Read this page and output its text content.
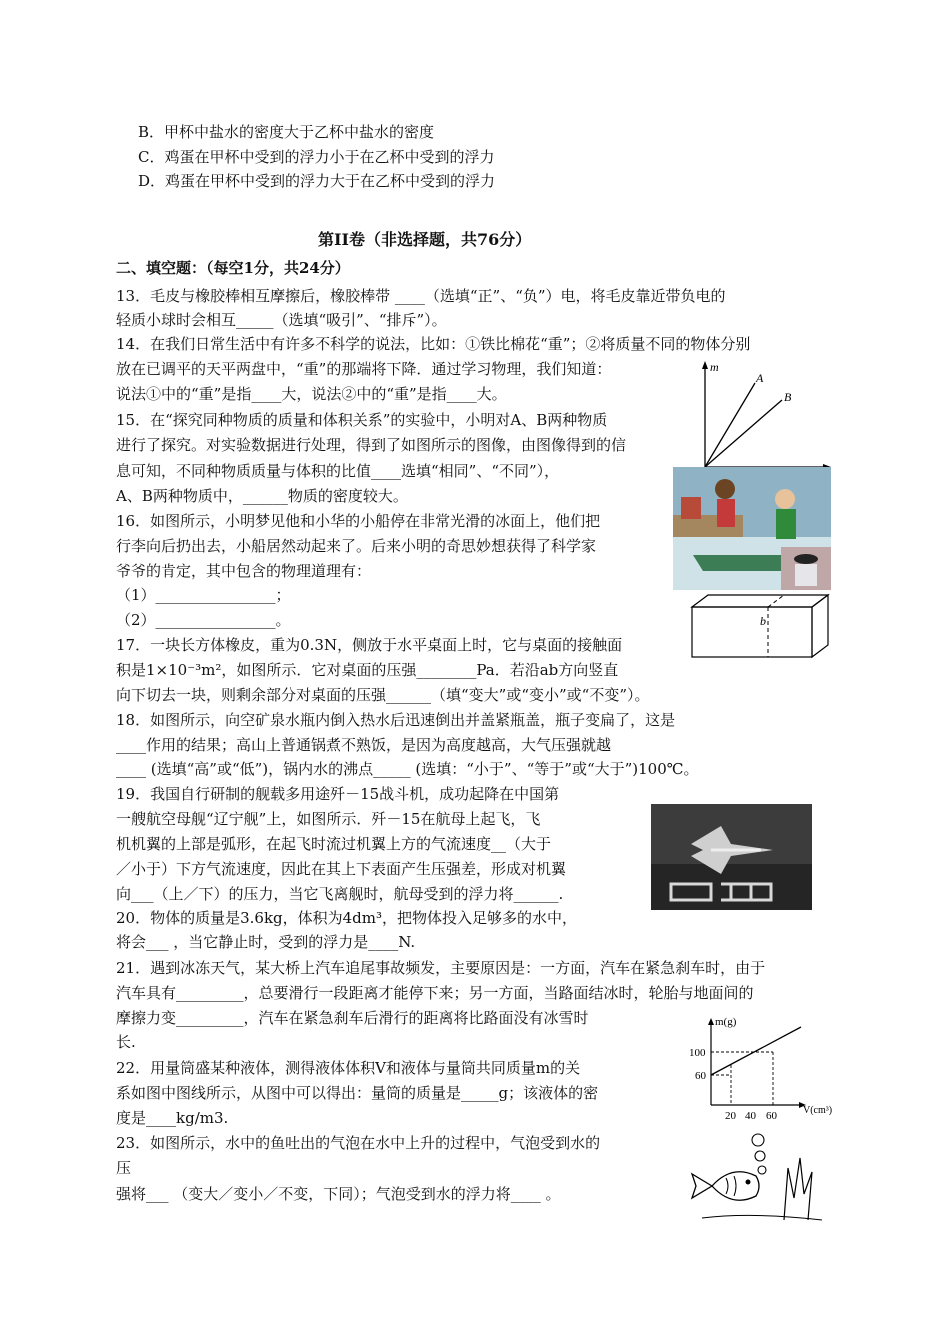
B．甲杯中盐水的密度大于乙杯中盐水的密度
C．鸡蛋在甲杯中受到的浮力小于在乙杯中受到的浮力
D．鸡蛋在甲杯中受到的浮力大于在乙杯中受到的浮力
第II卷（非选择题，共76分）
二、填空题：（每空1分，共24分）
13．毛皮与橡胶棒相互摩擦后，橡胶棒带 ____（选填“正”、“负”）电，将毛皮靠近带负电的
轻质小球时会相互_____（选填“吸引”、“排斥”）。
14．在我们日常生活中有许多不科学的说法，比如：①铁比棉花“重”；②将质量不同的物体分别
放在已调平的天平两盘中，“重”的那端将下降．通过学习物理，我们知道：
说法①中的“重”是指____大，说法②中的“重”是指____大。
15．在“探究同种物质的质量和体积关系”的实验中，小明对A、B两种物质
进行了探究。对实验数据进行处理，得到了如图所示的图像，由图像得到的信
息可知，不同种物质质量与体积的比值____选填“相同”、“不同”），
A、B两种物质中，______物质的密度较大。
16．如图所示，小明梦见他和小华的小船停在非常光滑的冰面上，他们把
行李向后扔出去，小船居然动起来了。后来小明的奇思妙想获得了科学家
爷爷的肯定，其中包含的物理道理有：
（1）________________；
（2）________________。
17．一块长方体橡皮，重为0.3N，侧放于水平桌面上时，它与桌面的接触面
积是1×10⁻³m²，如图所示．它对桌面的压强________Pa．若沿ab方向竖直
向下切去一块，则剩余部分对桌面的压强______（填“变大”或“变小”或“不变”）。
18．如图所示，向空矿泉水瓶内倒入热水后迅速倒出并盖紧瓶盖，瓶子变扁了，这是
____作用的结果；高山上普通锅煮不熟饭，是因为高度越高，大气压强就越
____ (选填“高”或“低”)，锅内水的沸点_____ (选填：“小于”、“等于”或“大于”)100℃。
19．我国自行研制的舰载多用途歼－15战斗机，成功起降在中国第
一艘航空母舰“辽宁舰”上，如图所示．歼－15在航母上起飞，飞
机机翼的上部是弧形，在起飞时流过机翼上方的气流速度__（大于
／小于）下方气流速度，因此在其上下表面产生压强差，形成对机翼
向___（上／下）的压力，当它飞离舰时，航母受到的浮力将______.
20．物体的质量是3.6kg，体积为4dm³，把物体投入足够多的水中，
将会___ ，当它静止时，受到的浮力是____N.
21．遇到冰冻天气，某大桥上汽车追尾事故频发，主要原因是：一方面，汽车在紧急刹车时，由于
汽车具有_________，总要滑行一段距离才能停下来；另一方面，当路面结冰时，轮胎与地面间的
摩擦力变_________，汽车在紧急刹车后滑行的距离将比路面没有冰雪时
长.
22．用量筒盛某种液体，测得液体体积V和液体与量筒共同质量m的关
系如图中图线所示，从图中可以得出：量筒的质量是_____g；该液体的密
度是____kg/m3.
23．如图所示，水中的鱼吐出的气泡在水中上升的过程中，气泡受到水的
压
强将___ （变大／变小／不变，下同）；气泡受到水的浮力将____ 。
m
A
B
b
m(g)
V(cm³)
100
60
20 40 60
